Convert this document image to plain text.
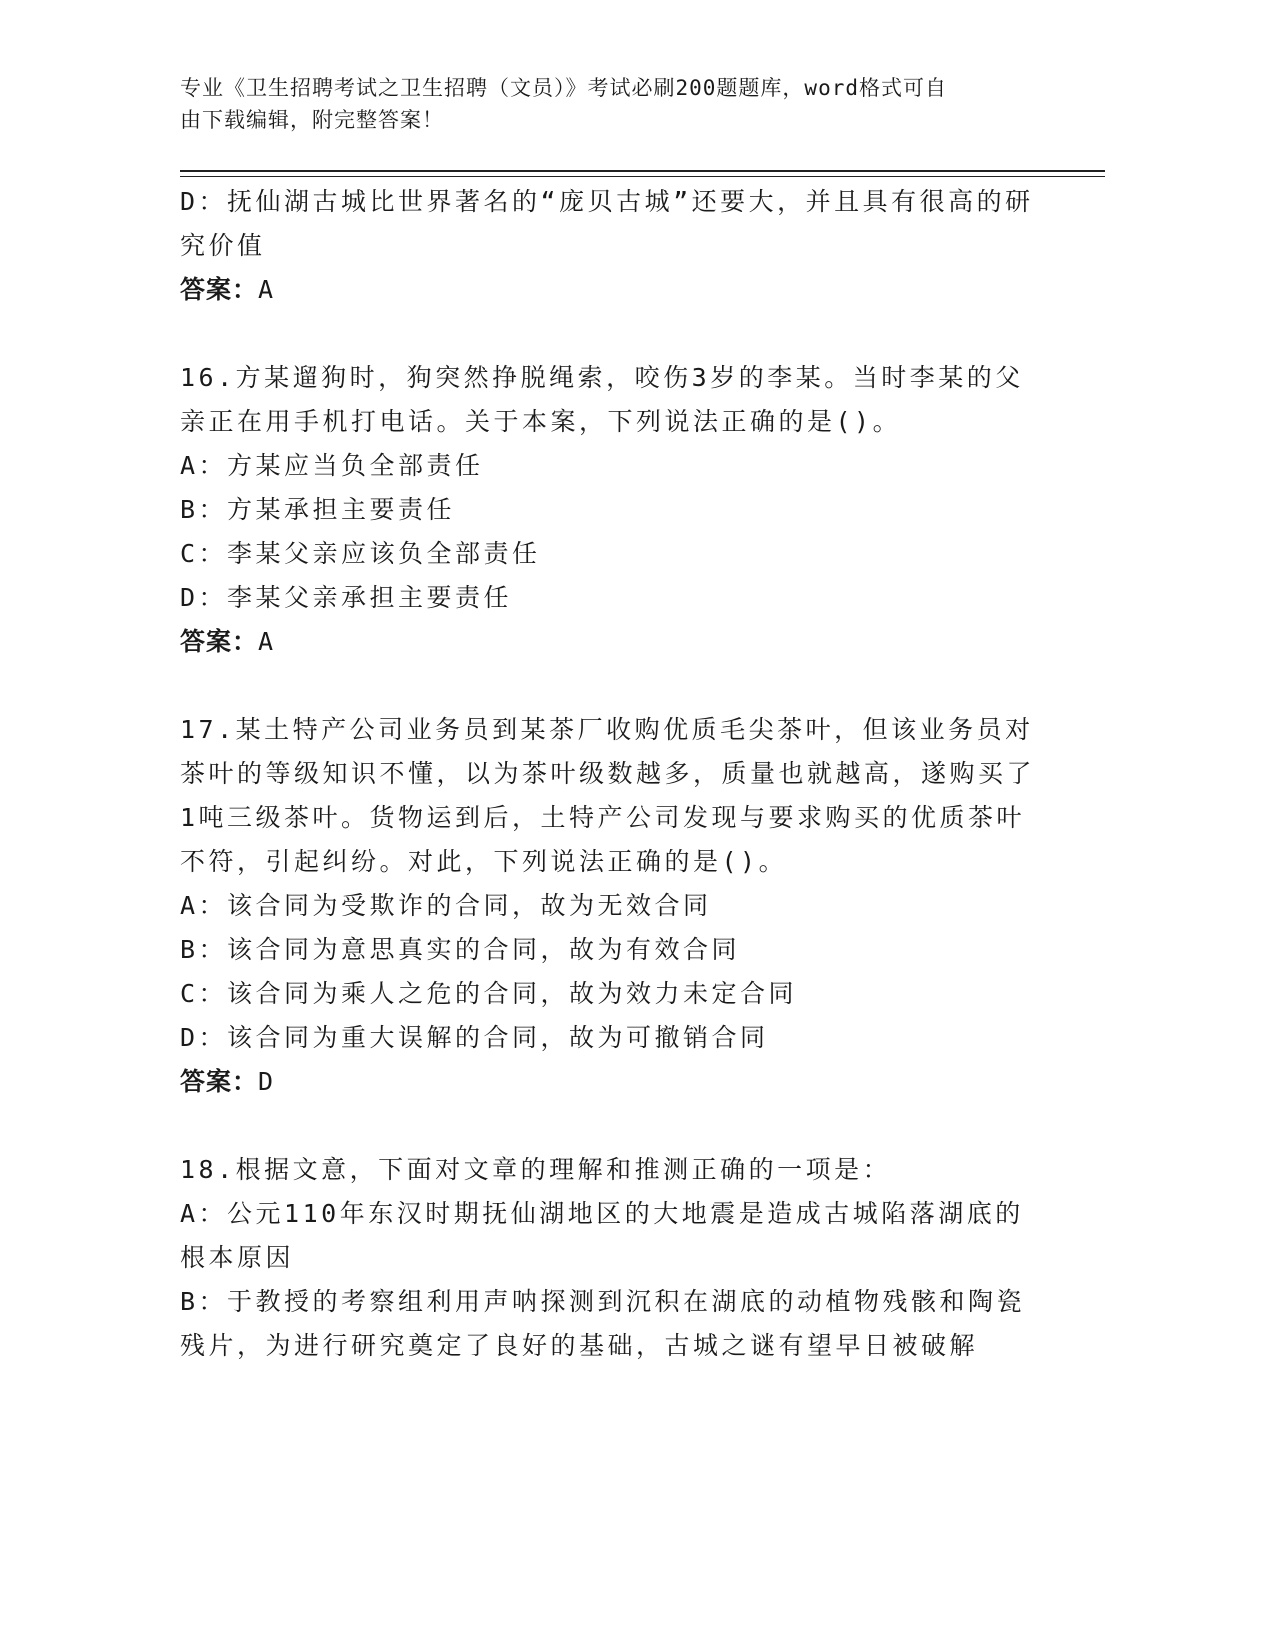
专业《卫生招聘考试之卫生招聘（文员）》考试必刷200题题库，word格式可自
由下载编辑，附完整答案！

D：抚仙湖古城比世界著名的“庞贝古城”还要大，并且具有很高的研究价值

答案：A

16.方某遛狗时，狗突然挣脱绳索，咬伤3岁的李某。当时李某的父亲正在用手机打电话。关于本案，下列说法正确的是()。

A：方某应当负全部责任

B：方某承担主要责任

C：李某父亲应该负全部责任

D：李某父亲承担主要责任

答案：A

17.某土特产公司业务员到某茶厂收购优质毛尖茶叶，但该业务员对茶叶的等级知识不懂，以为茶叶级数越多，质量也就越高，遂购买了1吨三级茶叶。货物运到后，土特产公司发现与要求购买的优质茶叶不符，引起纠纷。对此，下列说法正确的是()。

A：该合同为受欺诈的合同，故为无效合同

B：该合同为意思真实的合同，故为有效合同

C：该合同为乘人之危的合同，故为效力未定合同

D：该合同为重大误解的合同，故为可撤销合同

答案：D

18.根据文意，下面对文章的理解和推测正确的一项是：

A：公元110年东汉时期抚仙湖地区的大地震是造成古城陷落湖底的根本原因

B：于教授的考察组利用声呐探测到沉积在湖底的动植物残骸和陶瓷残片，为进行研究奠定了良好的基础，古城之谜有望早日被破解
